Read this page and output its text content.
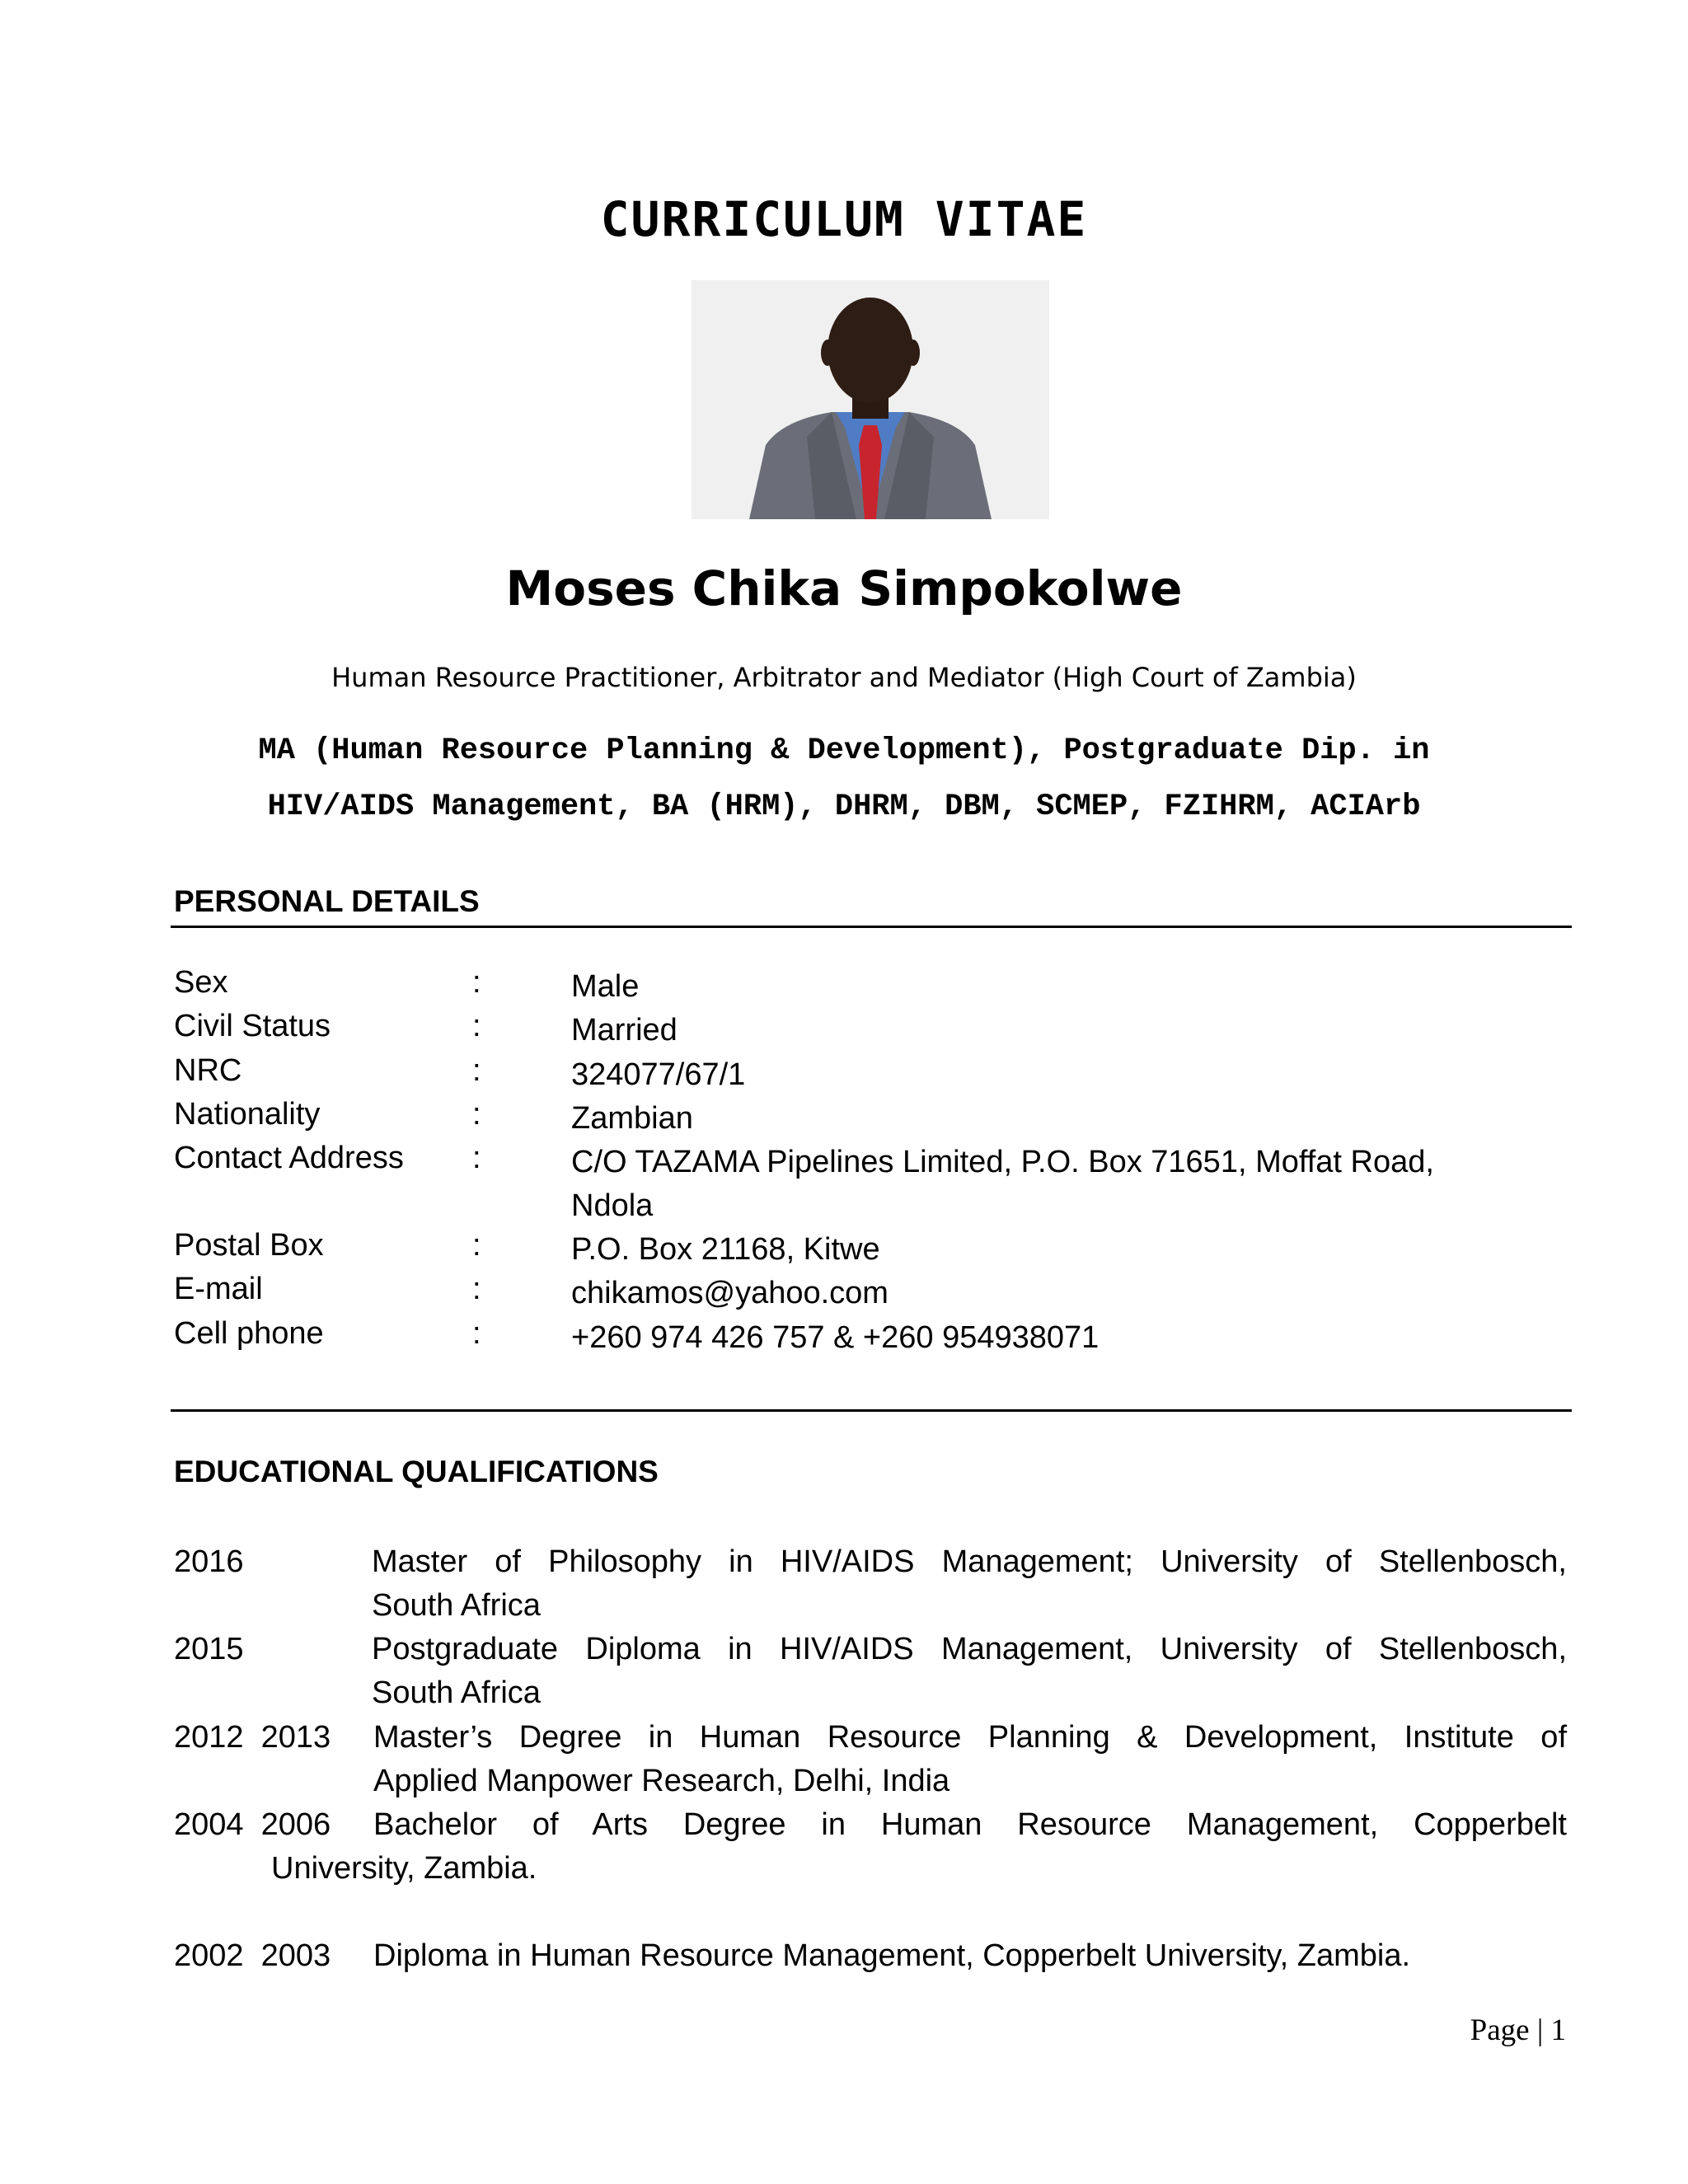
CURRICULUM VITAE
Moses Chika Simpokolwe

Human Resource Practitioner, Arbitrator and Mediator (High Court of Zambia)

MA (Human Resource Planning & Development), Postgraduate Dip. in

HIV/AIDS Management, BA (HRM), DHRM, DBM, SCMEP, FZIHRM, ACIArb

PERSONAL DETAILS
Sex	:	Male
Civil Status	:	Married
NRC	:	324077/67/1
Nationality	:	Zambian
Contact Address :	C/O TAZAMA Pipelines Limited, P.O. Box 71651, Moffat Road, Ndola
Postal Box	:	P.O. Box 21168, Kitwe
E-mail	:	chikamos@yahoo.com
Cell phone	:	+260 974 426 757 & +260 954938071
EDUCATIONAL QUALIFICATIONS
2016	Master of Philosophy in HIV/AIDS Management; University of Stellenbosch,
South Africa
2015	Postgraduate Diploma in HIV/AIDS Management, University of Stellenbosch,
South Africa
2012  2013 Master’s Degree in Human Resource Planning & Development, Institute of
Applied Manpower Research, Delhi, India
2004  2006 Bachelor of Arts Degree in Human Resource Management, Copperbelt
University, Zambia.
2002  2003 Diploma in Human Resource Management, Copperbelt University, Zambia.
Page | 1
